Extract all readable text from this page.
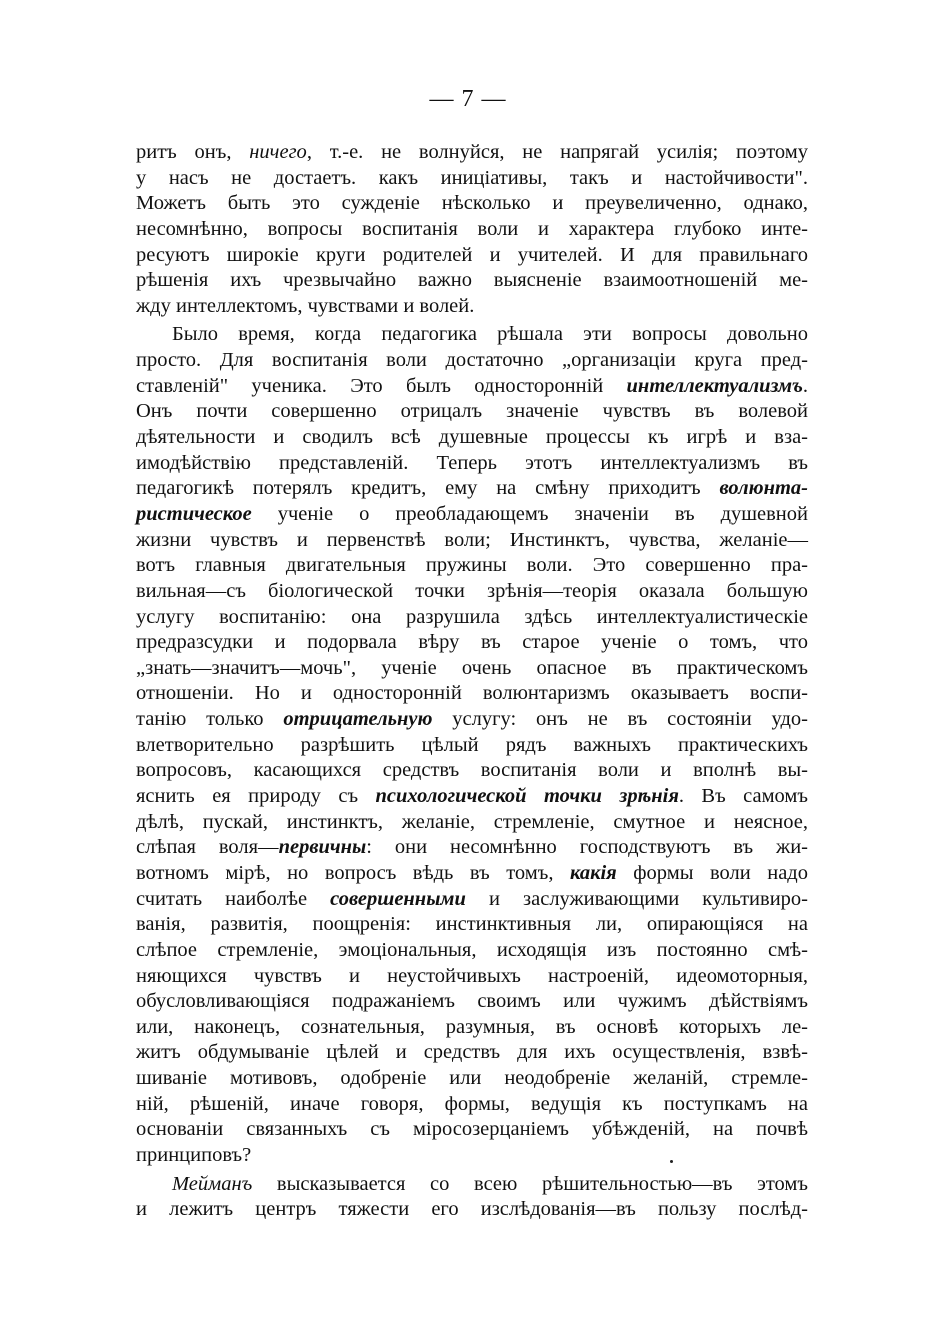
— 7 —
ритъ онъ, ничего, т.-е. не волнуйся, не напрягай усилія; поэтому
у насъ не достаетъ. какъ иниціативы, такъ и настойчивости".
Можетъ быть это сужденіе нѣсколько и преувеличенно, однако,
несомнѣнно, вопросы воспитанія воли и характера глубоко инте-
ресуютъ широкіе круги родителей и учителей. И для правильнаго
рѣшенія ихъ чрезвычайно важно выясненіе взаимоотношеній ме-
жду интеллектомъ, чувствами и волей.
Было время, когда педагогика рѣшала эти вопросы довольно
просто. Для воспитанія воли достаточно „организаціи круга пред-
ставленій" ученика. Это былъ односторонній интеллектуализмъ.
Онъ почти совершенно отрицалъ значеніе чувствъ въ волевой
дѣятельности и сводилъ всѣ душевные процессы къ игрѣ и вза-
имодѣйствію представленій. Теперь этотъ интеллектуализмъ въ
педагогикѣ потерялъ кредитъ, ему на смѣну приходитъ волюнта-
ристическое ученіе о преобладающемъ значеніи въ душевной
жизни чувствъ и первенствѣ воли; Инстинктъ, чувства, желаніе—
вотъ главныя двигательныя пружины воли. Это совершенно пра-
вильная—съ біологической точки зрѣнія—теорія оказала большую
услугу воспитанію: она разрушила здѣсь интеллектуалистическіе
предразсудки и подорвала вѣру въ старое ученіе о томъ, что
„знать—значитъ—мочь", ученіе очень опасное въ практическомъ
отношеніи. Но и односторонній волюнтаризмъ оказываетъ воспи-
танію только отрицательную услугу: онъ не въ состояніи удо-
влетворительно разрѣшить цѣлый рядъ важныхъ практическихъ
вопросовъ, касающихся средствъ воспитанія воли и вполнѣ вы-
яснить ея природу съ психологической точки зрѣнія. Въ самомъ
дѣлѣ, пускай, инстинктъ, желаніе, стремленіе, смутное и неясное,
слѣпая воля—первичны: они несомнѣнно господствуютъ въ жи-
вотномъ мірѣ, но вопросъ вѣдь въ томъ, какія формы воли надо
считать наиболѣе совершенными и заслуживающими культивиро-
ванія, развитія, поощренія: инстинктивныя ли, опирающіяся на
слѣпое стремленіе, эмоціональныя, исходящія изъ постоянно смѣ-
няющихся чувствъ и неустойчивыхъ настроеній, идеомоторныя,
обусловливающіяся подражаніемъ своимъ или чужимъ дѣйствіямъ
или, наконецъ, сознательныя, разумныя, въ основѣ которыхъ ле-
житъ обдумываніе цѣлей и средствъ для ихъ осуществленія, взвѣ-
шиваніе мотивовъ, одобреніе или неодобреніе желаній, стремле-
ній, рѣшеній, иначе говоря, формы, ведущія къ поступкамъ на
основаніи связанныхъ съ міросозерцаніемъ убѣжденій, на почвѣ
принциповъ?
Мейманъ высказывается со всею рѣшительностью—въ этомъ
и лежитъ центръ тяжести его изслѣдованія—въ пользу послѣд-
